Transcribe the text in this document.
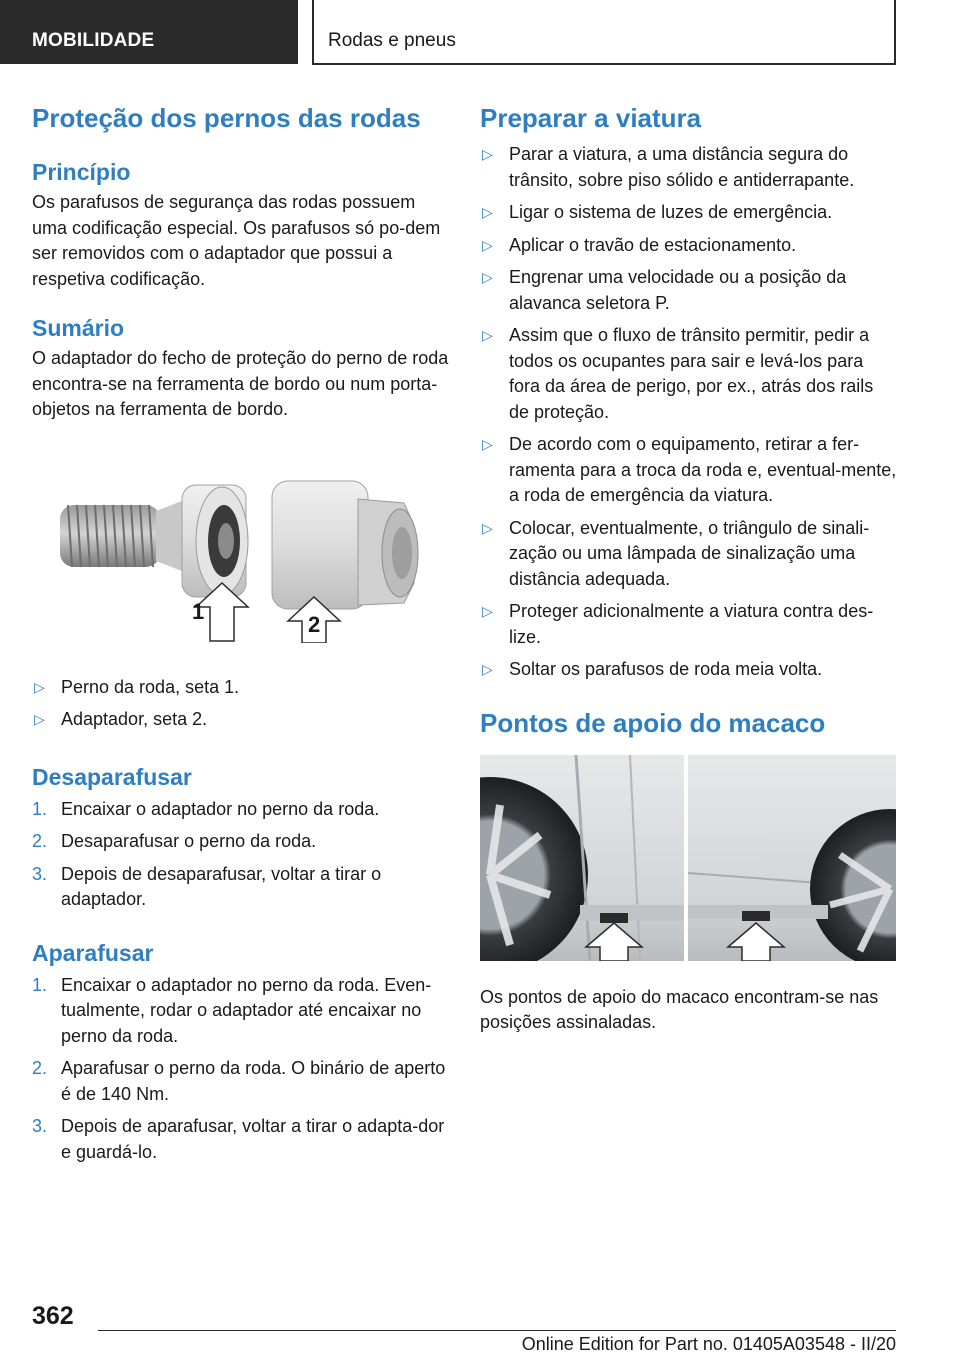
MOBILIDADE	Rodas e pneus
Proteção dos pernos das rodas
Princípio

Os parafusos de segurança das rodas possuem uma codificação especial. Os parafusos só po-dem ser removidos com o adaptador que possui a respetiva codificação.

Sumário

O adaptador do fecho de proteção do perno de roda encontra-se na ferramenta de bordo ou num porta-objetos na ferramenta de bordo.

1
2
▷ Perno da roda, seta 1.
▷ Adaptador, seta 2.
Desaparafusar
1. Encaixar o adaptador no perno da roda.
2. Desaparafusar o perno da roda.
3. Depois de desaparafusar, voltar a tirar o adaptador.
Aparafusar
1. Encaixar o adaptador no perno da roda. Even-tualmente, rodar o adaptador até encaixar no perno da roda.
2. Aparafusar o perno da roda. O binário de aperto é de 140 Nm.
3. Depois de aparafusar, voltar a tirar o adapta-dor e guardá-lo.
Preparar a viatura
▷ Parar a viatura, a uma distância segura do trânsito, sobre piso sólido e antiderrapante.
▷ Ligar o sistema de luzes de emergência.
▷ Aplicar o travão de estacionamento.
▷ Engrenar uma velocidade ou a posição da alavanca seletora P.
▷ Assim que o fluxo de trânsito permitir, pedir a todos os ocupantes para sair e levá-los para fora da área de perigo, por ex., atrás dos rails de proteção.
▷ De acordo com o equipamento, retirar a fer-ramenta para a troca da roda e, eventual-mente, a roda de emergência da viatura.
▷ Colocar, eventualmente, o triângulo de sinali-zação ou uma lâmpada de sinalização uma distância adequada.
▷ Proteger adicionalmente a viatura contra des-lize.
▷ Soltar os parafusos de roda meia volta.
Pontos de apoio do macaco

Os pontos de apoio do macaco encontram-se nas posições assinaladas.

362
Online Edition for Part no. 01405A03548 - II/20
